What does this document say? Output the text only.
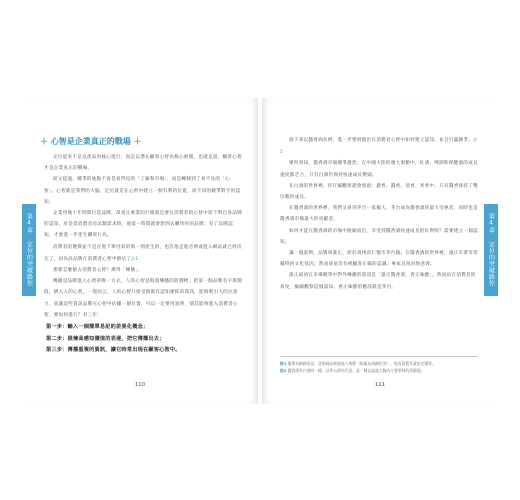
第4章 定位的突破路徑
＋ 心智是企業真正的戰場 ＋

定位從來不是以產品為核心進行，而是以潛在顧客心智為核心展開，也就是說，顧客心智才是企業真正的戰場。

前文提過，競爭的地點不再是看得見的「工廠和市場」，而是轉移到了看不見的「心智」。心智就是我們的大腦，定位就是在心智中建立一個有利的位置，而不同的競爭對手的認知。

企業用幾十年時間打造品牌，昂貴且專業的行銷就是要在消費者的心智中留下對自身品牌的認知，於是當消費者有品類需求時，他第一時間就會想到去購買你的品牌；有了品牌認知，才會進一步產生購買行為。

消費者的選擇並不是在他下單付款的那一刻產生的，也許他走進店裡或進入網站就已經決定了，因為該品牌在消費者心智中搶佔了註1

那要怎麼搶占消費者心智？爆得「傳播」。

傳播是品牌進入心智的唯一方式，人的心智是海量傳播的防禦物，把第一個品牌名字與價值，擠入人的心智。一般而言，人的心智只接受與既有認知連結的資訊，能夠吸引人的注意力，並讓這些資訊品牌在心智中佔據一個位置，可以一定要用說明，使其能夠進入消費者心智。要如何進行？有三步：

第一步：輸入一個簡單易記的差異化概念；
第二步：提煉高感知價值的表達，把它傳播出去；
第三步：傳播重複的資訊，讓它時常出現在顧客心智中。
110
第4章 定位的突破路徑

接下來以醬香酒為例，進一步要展現出在消費者心智中如何建立認知，並且打贏競爭。註2

眾所周知，醬香酒市場競爭激烈，在中國大陸的幾大酒類中，紅酒、啤酒和保健酒的成長速度都乏力，只有白酒仍保持快速成長勢頭。

在白酒的世界裡，你仔細觀察就會發現：濃香、醬香、清香、米香中，只有醬香保持了雙位數的成長。

在醬香酒的世界裡，我們又看到茅台一家獨大。茅台成為醬香酒的最大受惠者，同時也是醬香酒市場最大的貢獻者。

如何才能在醬香酒的市場中脫穎而出，享受到醬香酒快速成長的紅利呢？需要建立一個認知。

讓一個案例，品牌叫誰正，原於貴州省仁懷市茅台鎮。在醬香酒的世界裡，誰正有著非常獨特的文化基因，然而卻並沒有被顧客正確的認識。專家長短再無意義。

誰正最初在市場競爭中對外傳播的資訊是「誰正醬香酒，香正味醇」。然而站在消費者的角度，細細觀察這個認知，香正味醇的應該就是茅台。

註1 爆單為網路用語，意指商品經過他人推薦（如親友或網紅等），進而消費者就決定購買。

註2 醬香酒為白酒的一種，以茅台酒為代表，是一種以高溫大麴為主要原料的蒸餾酒。

111
